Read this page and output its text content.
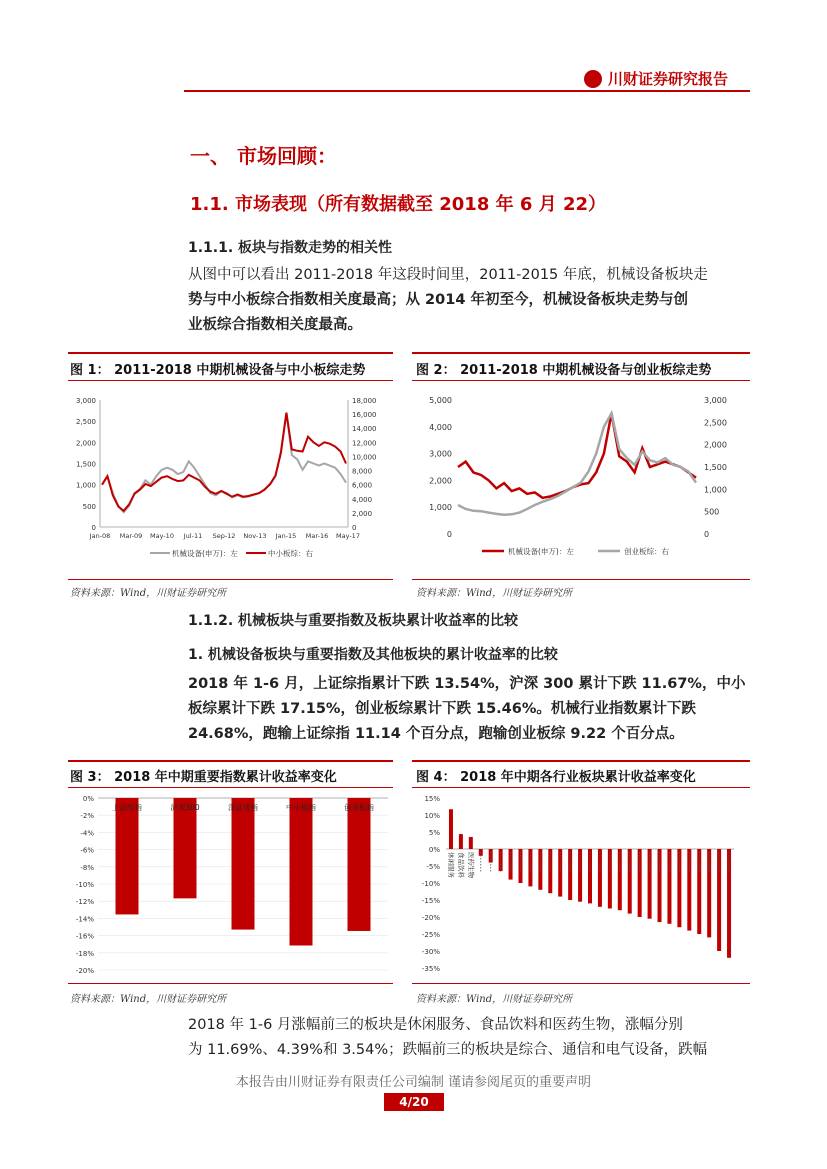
川财证券研究报告
一、 市场回顾：
1.1. 市场表现（所有数据截至 2018 年 6 月 22）
1.1.1. 板块与指数走势的相关性
从图中可以看出 2011-2018 年这段时间里，2011-2015 年底，机械设备板块走
势与中小板综合指数相关度最高；从 2014 年初至今，机械设备板块走势与创
业板综合指数相关度最高。
图 1： 2011-2018 中期机械设备与中小板综走势
0
500
1,000
1,500
2,000
2,500
3,000
0
2,000
4,000
6,000
8,000
10,000
12,000
14,000
16,000
18,000
Jan-08 Mar-09 May-10 Jul-11 Sep-12 Nov-13 Jan-15 Mar-16 May-17
机械设备(申万)：左	中小板综：右
资料来源：Wind，川财证券研究所
图 2： 2011-2018 中期机械设备与创业板综走势
0
1,000
2,000
3,000
4,000
5,000
0
500
1,000
1,500
2,000
2,500
3,000
机械设备(申万)：左	创业板综：右
资料来源：Wind，川财证券研究所
1.1.2. 机械板块与重要指数及板块累计收益率的比较
1. 机械设备板块与重要指数及其他板块的累计收益率的比较
2018 年 1-6 月，上证综指累计下跌 13.54%，沪深 300 累计下跌 11.67%，中小
板综累计下跌 17.15%，创业板综累计下跌 15.46%。机械行业指数累计下跌
24.68%，跑输上证综指 11.14 个百分点，跑输创业板综 9.22 个百分点。
图 3： 2018 年中期重要指数累计收益率变化
0%
-2%
-4%
-6%
-8%
-10%
-12%
-14%
-16%
-18%
-20%
上证综指	沪深300	深证成指	中小板指	创业板指
资料来源：Wind，川财证券研究所
图 4： 2018 年中期各行业板块累计收益率变化
15%
10%
5%
0%
-5%
-10%
-15%
-20%
-25%
-30%
-35%
休闲服务 食品饮料 医药生物
资料来源：Wind，川财证券研究所
2018 年 1-6 月涨幅前三的板块是休闲服务、食品饮料和医药生物，涨幅分别
为 11.69%、4.39%和 3.54%；跌幅前三的板块是综合、通信和电气设备，跌幅
本报告由川财证券有限责任公司编制 谨请参阅尾页的重要声明
4/20
